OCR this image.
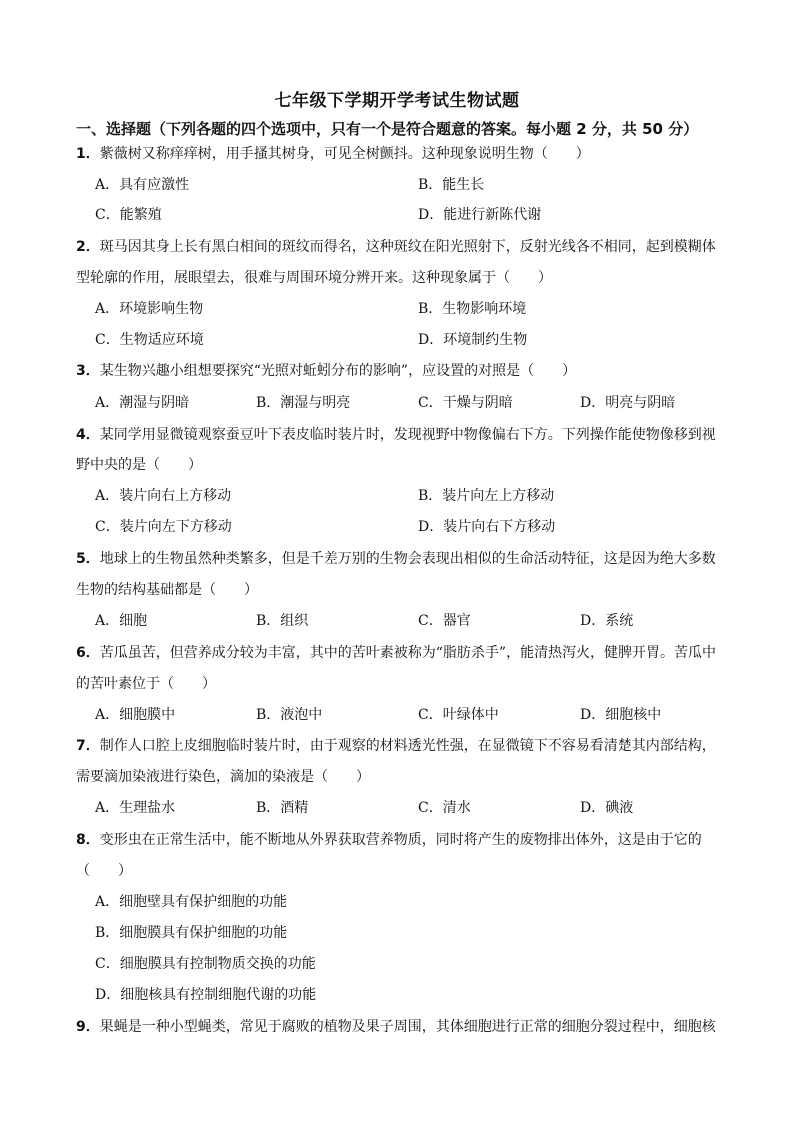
七年级下学期开学考试生物试题
一、选择题（下列各题的四个选项中，只有一个是符合题意的答案。每小题 2 分，共 50 分）
1．紫薇树又称痒痒树，用手搔其树身，可见全树颤抖。这种现象说明生物（　　）
A．具有应激性	B．能生长
C．能繁殖	D．能进行新陈代谢
2．斑马因其身上长有黑白相间的斑纹而得名，这种斑纹在阳光照射下，反射光线各不相同，起到模糊体
型轮廓的作用，展眼望去，很难与周围环境分辨开来。这种现象属于（　　）
A．环境影响生物	B．生物影响环境
C．生物适应环境	D．环境制约生物
3．某生物兴趣小组想要探究“光照对蚯蚓分布的影响”，应设置的对照是（　　）
A．潮湿与阴暗	B．潮湿与明亮	C．干燥与阴暗	D．明亮与阴暗
4．某同学用显微镜观察蚕豆叶下表皮临时装片时，发现视野中物像偏右下方。下列操作能使物像移到视
野中央的是（　　）
A．装片向右上方移动	B．装片向左上方移动
C．装片向左下方移动	D．装片向右下方移动
5．地球上的生物虽然种类繁多，但是千差万别的生物会表现出相似的生命活动特征，这是因为绝大多数
生物的结构基础都是（　　）
A．细胞	B．组织	C．器官	D．系统
6．苦瓜虽苦，但营养成分较为丰富，其中的苦叶素被称为“脂肪杀手”，能清热泻火，健脾开胃。苦瓜中
的苦叶素位于（　　）
A．细胞膜中	B．液泡中	C．叶绿体中	D．细胞核中
7．制作人口腔上皮细胞临时装片时，由于观察的材料透光性强，在显微镜下不容易看清楚其内部结构，
需要滴加染液进行染色，滴加的染液是（　　）
A．生理盐水	B．酒精	C．清水	D．碘液
8．变形虫在正常生活中，能不断地从外界获取营养物质，同时将产生的废物排出体外，这是由于它的
（　　）
A．细胞壁具有保护细胞的功能
B．细胞膜具有保护细胞的功能
C．细胞膜具有控制物质交换的功能
D．细胞核具有控制细胞代谢的功能
9．果蝇是一种小型蝇类，常见于腐败的植物及果子周围，其体细胞进行正常的细胞分裂过程中，细胞核
